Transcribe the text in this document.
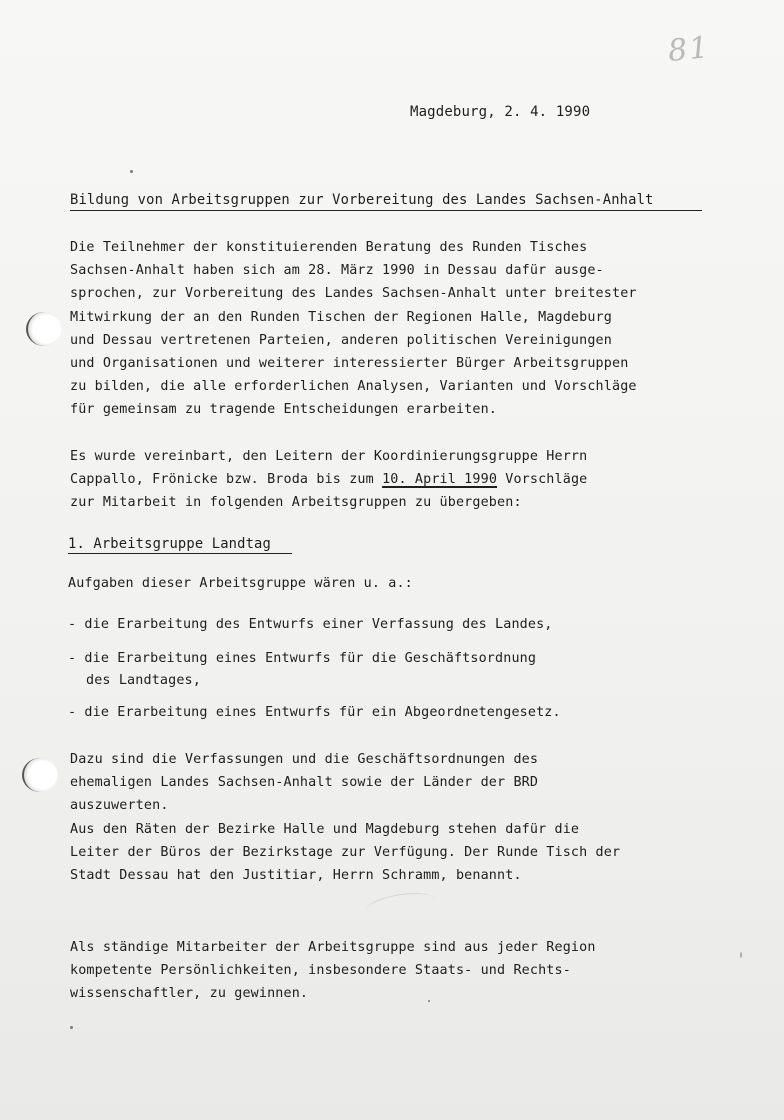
81
Magdeburg, 2. 4. 1990
Bildung von Arbeitsgruppen zur Vorbereitung des Landes Sachsen-Anhalt

Die Teilnehmer der konstituierenden Beratung des Runden Tisches

Sachsen-Anhalt haben sich am 28. März 1990 in Dessau dafür ausge-

sprochen, zur Vorbereitung des Landes Sachsen-Anhalt unter breitester

Mitwirkung der an den Runden Tischen der Regionen Halle, Magdeburg

und Dessau vertretenen Parteien, anderen politischen Vereinigungen

und Organisationen und weiterer interessierter Bürger Arbeitsgruppen

zu bilden, die alle erforderlichen Analysen, Varianten und Vorschläge

für gemeinsam zu tragende Entscheidungen erarbeiten.

Es wurde vereinbart, den Leitern der Koordinierungsgruppe Herrn

Cappallo, Frönicke bzw. Broda bis zum 10. April 1990 Vorschläge

zur Mitarbeit in folgenden Arbeitsgruppen zu übergeben:

1. Arbeitsgruppe Landtag
Aufgaben dieser Arbeitsgruppe wären u. a.:
- die Erarbeitung des Entwurfs einer Verfassung des Landes,
- die Erarbeitung eines Entwurfs für die Geschäftsordnung
des Landtages,
- die Erarbeitung eines Entwurfs für ein Abgeordnetengesetz.

Dazu sind die Verfassungen und die Geschäftsordnungen des

ehemaligen Landes Sachsen-Anhalt sowie der Länder der BRD

auszuwerten.

Aus den Räten der Bezirke Halle und Magdeburg stehen dafür die

Leiter der Büros der Bezirkstage zur Verfügung. Der Runde Tisch der

Stadt Dessau hat den Justitiar, Herrn Schramm, benannt.

Als ständige Mitarbeiter der Arbeitsgruppe sind aus jeder Region

kompetente Persönlichkeiten, insbesondere Staats- und Rechts-

wissenschaftler, zu gewinnen.
